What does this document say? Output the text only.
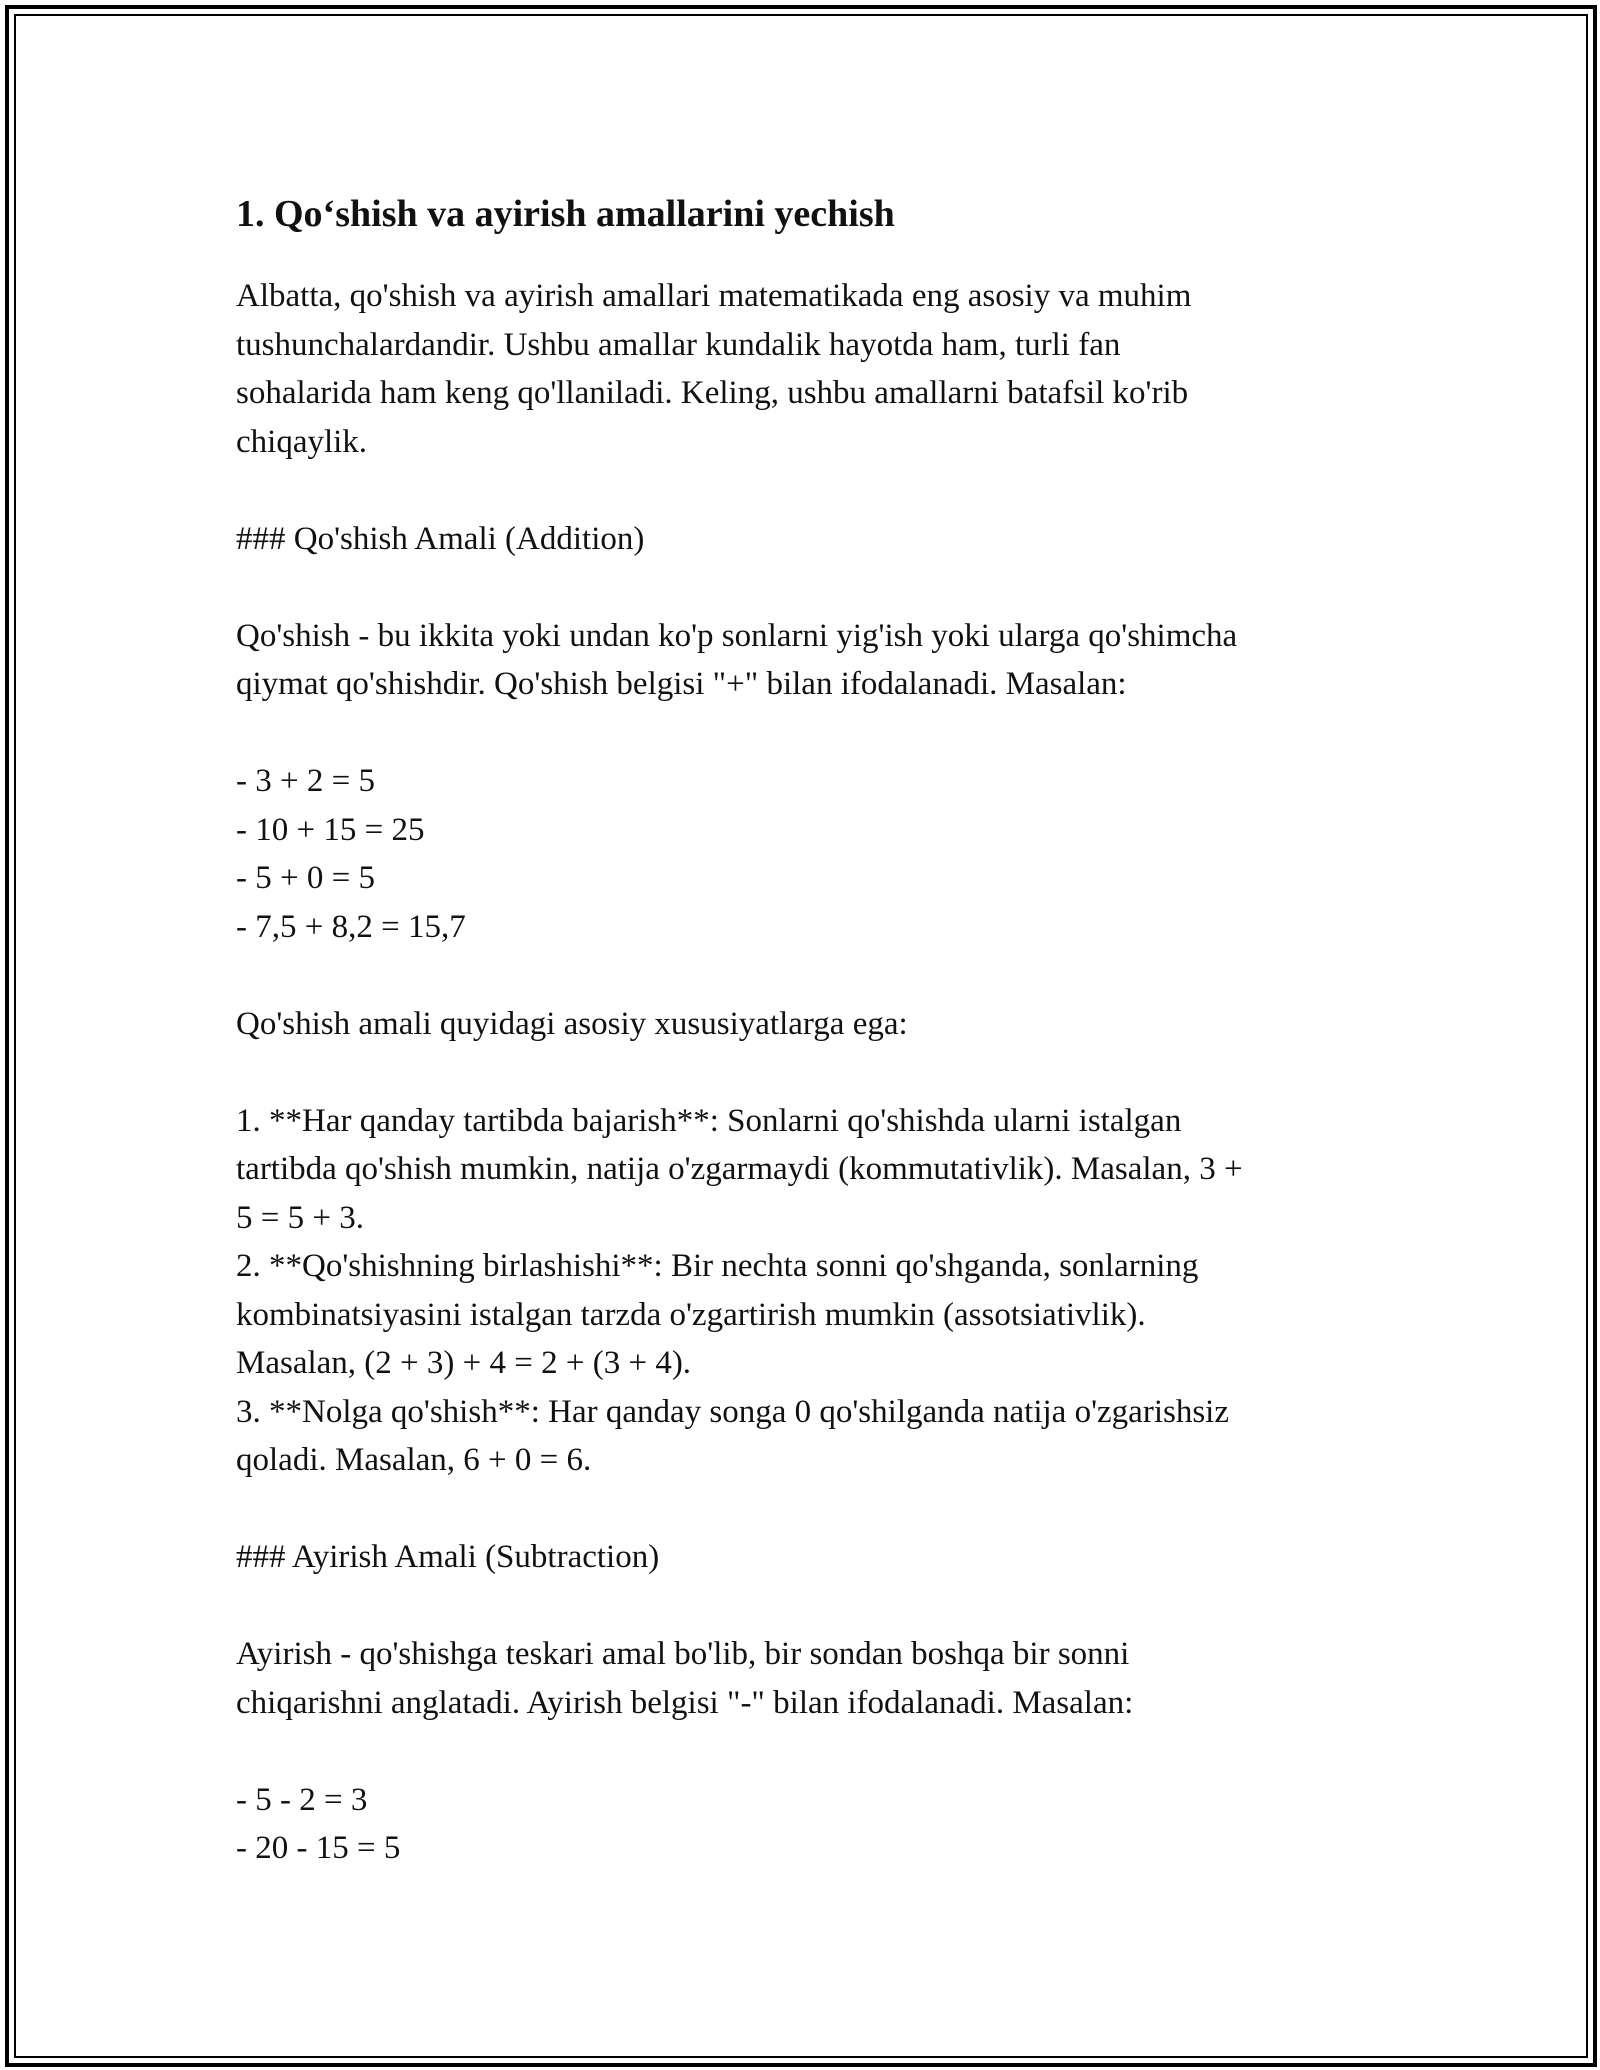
1. Qo‘shish va ayirish amallarini yechish

Albatta, qo'shish va ayirish amallari matematikada eng asosiy va muhim

tushunchalardandir. Ushbu amallar kundalik hayotda ham, turli fan

sohalarida ham keng qo'llaniladi. Keling, ushbu amallarni batafsil ko'rib

chiqaylik.

### Qo'shish Amali (Addition)

Qo'shish - bu ikkita yoki undan ko'p sonlarni yig'ish yoki ularga qo'shimcha

qiymat qo'shishdir. Qo'shish belgisi "+" bilan ifodalanadi. Masalan:

- 3 + 2 = 5

- 10 + 15 = 25

- 5 + 0 = 5

- 7,5 + 8,2 = 15,7

Qo'shish amali quyidagi asosiy xususiyatlarga ega:

1. **Har qanday tartibda bajarish**: Sonlarni qo'shishda ularni istalgan

tartibda qo'shish mumkin, natija o'zgarmaydi (kommutativlik). Masalan, 3 +

5 = 5 + 3.

2. **Qo'shishning birlashishi**: Bir nechta sonni qo'shganda, sonlarning

kombinatsiyasini istalgan tarzda o'zgartirish mumkin (assotsiativlik).

Masalan, (2 + 3) + 4 = 2 + (3 + 4).

3. **Nolga qo'shish**: Har qanday songa 0 qo'shilganda natija o'zgarishsiz

qoladi. Masalan, 6 + 0 = 6.

### Ayirish Amali (Subtraction)

Ayirish - qo'shishga teskari amal bo'lib, bir sondan boshqa bir sonni

chiqarishni anglatadi. Ayirish belgisi "-" bilan ifodalanadi. Masalan:

- 5 - 2 = 3

- 20 - 15 = 5
